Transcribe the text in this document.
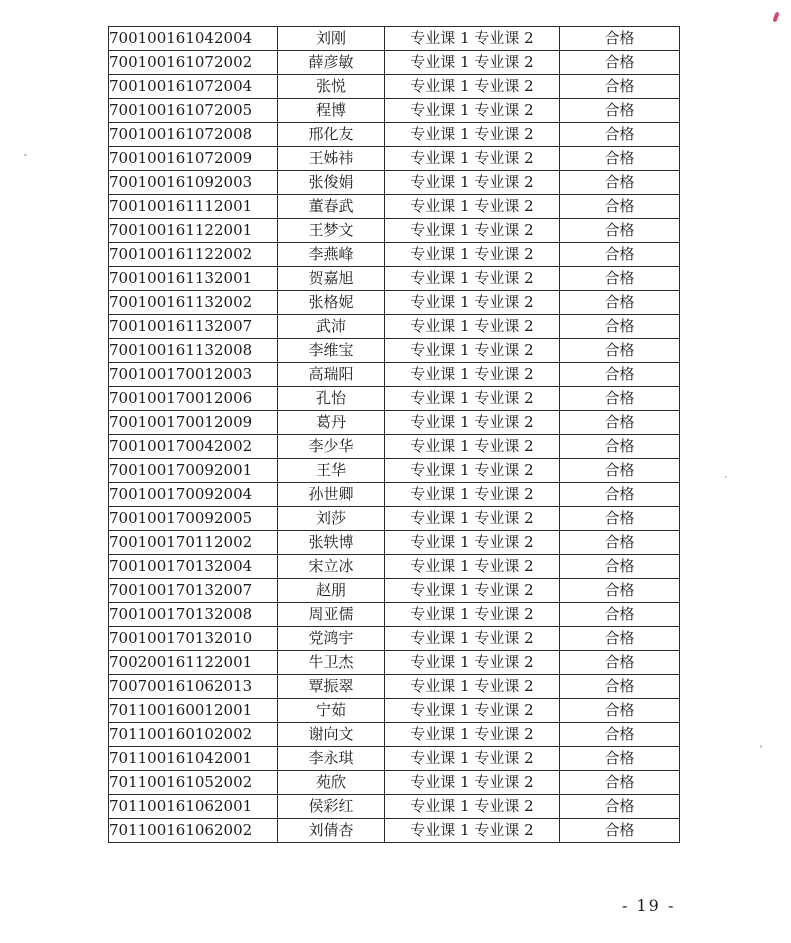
700100161042004	刘刚	专业课 1 专业课 2	合格
700100161072002	薛彦敏	专业课 1 专业课 2	合格
700100161072004	张悦	专业课 1 专业课 2	合格
700100161072005	程博	专业课 1 专业课 2	合格
700100161072008	邢化友	专业课 1 专业课 2	合格
700100161072009	王姊祎	专业课 1 专业课 2	合格
700100161092003	张俊娟	专业课 1 专业课 2	合格
700100161112001	董春武	专业课 1 专业课 2	合格
700100161122001	王梦文	专业课 1 专业课 2	合格
700100161122002	李燕峰	专业课 1 专业课 2	合格
700100161132001	贺嘉旭	专业课 1 专业课 2	合格
700100161132002	张格妮	专业课 1 专业课 2	合格
700100161132007	武沛	专业课 1 专业课 2	合格
700100161132008	李维宝	专业课 1 专业课 2	合格
700100170012003	高瑞阳	专业课 1 专业课 2	合格
700100170012006	孔怡	专业课 1 专业课 2	合格
700100170012009	葛丹	专业课 1 专业课 2	合格
700100170042002	李少华	专业课 1 专业课 2	合格
700100170092001	王华	专业课 1 专业课 2	合格
700100170092004	孙世卿	专业课 1 专业课 2	合格
700100170092005	刘莎	专业课 1 专业课 2	合格
700100170112002	张轶博	专业课 1 专业课 2	合格
700100170132004	宋立冰	专业课 1 专业课 2	合格
700100170132007	赵朋	专业课 1 专业课 2	合格
700100170132008	周亚儒	专业课 1 专业课 2	合格
700100170132010	党鸿宇	专业课 1 专业课 2	合格
700200161122001	牛卫杰	专业课 1 专业课 2	合格
700700161062013	覃振翠	专业课 1 专业课 2	合格
701100160012001	宁茹	专业课 1 专业课 2	合格
701100160102002	谢向文	专业课 1 专业课 2	合格
701100161042001	李永琪	专业课 1 专业课 2	合格
701100161052002	苑欣	专业课 1 专业课 2	合格
701100161062001	侯彩红	专业课 1 专业课 2	合格
701100161062002	刘倩杏	专业课 1 专业课 2	合格
- 19 -
